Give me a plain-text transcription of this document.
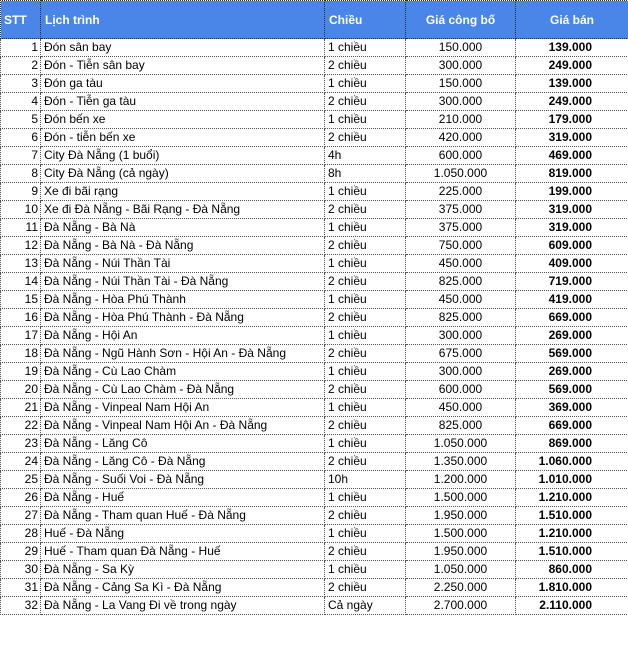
STT	Lịch trình	Chiều	Giá công bố	Giá bán
1	Đón sân bay	1 chiều	150.000	139.000
2	Đón - Tiễn sân bay	2 chiều	300.000	249.000
3	Đón ga tàu	1 chiều	150.000	139.000
4	Đón - Tiễn ga tàu	2 chiều	300.000	249.000
5	Đón bến xe	1 chiều	210.000	179.000
6	Đón - tiễn bến xe	2 chiều	420.000	319.000
7	City Đà Nẵng (1 buổi)	4h	600.000	469.000
8	City Đà Nẵng (cả ngày)	8h	1.050.000	819.000
9	Xe đi bãi rạng	1 chiều	225.000	199.000
10	Xe đi Đà Nẵng - Bãi Rạng - Đà Nẵng	2 chiều	375.000	319.000
11	Đà Nẵng - Bà Nà	1 chiều	375.000	319.000
12	Đà Nẵng - Bà Nà - Đà Nẵng	2 chiều	750.000	609.000
13	Đà Nẵng - Núi Thần Tài	1 chiều	450.000	409.000
14	Đà Nẵng - Núi Thần Tài - Đà Nẵng	2 chiều	825.000	719.000
15	Đà Nẵng - Hòa Phú Thành	1 chiều	450.000	419.000
16	Đà Nẵng - Hòa Phú Thành - Đà Nẵng	2 chiều	825.000	669.000
17	Đà Nẵng - Hội An	1 chiều	300.000	269.000
18	Đà Nẵng - Ngũ Hành Sơn - Hội An - Đà Nẵng	2 chiều	675.000	569.000
19	Đà Nẵng - Cù Lao Chàm	1 chiều	300.000	269.000
20	Đà Nẵng - Cù Lao Chàm - Đà Nẵng	2 chiều	600.000	569.000
21	Đà Nẵng - Vinpeal Nam Hội An	1 chiều	450.000	369.000
22	Đà Nẵng - Vinpeal Nam Hội An - Đà Nẵng	2 chiều	825.000	669.000
23	Đà Nẵng - Lăng Cô	1 chiều	1.050.000	869.000
24	Đà Nẵng - Lăng Cô - Đà Nẵng	2 chiều	1.350.000	1.060.000
25	Đà Nẵng - Suối Voi - Đà Nẵng	10h	1.200.000	1.010.000
26	Đà Nẵng - Huế	1 chiều	1.500.000	1.210.000
27	Đà Nẵng - Tham quan Huế - Đà Nẵng	2 chiều	1.950.000	1.510.000
28	Huế - Đà Nẵng	1 chiều	1.500.000	1.210.000
29	Huế - Tham quan Đà Nẵng - Huế	2 chiều	1.950.000	1.510.000
30	Đà Nẵng - Sa Kỳ	1 chiều	1.050.000	860.000
31	Đà Nẵng - Cảng Sa Kì - Đà Nẵng	2 chiều	2.250.000	1.810.000
32	Đà Nẵng - La Vang Đi về trong ngày	Cả ngày	2.700.000	2.110.000
